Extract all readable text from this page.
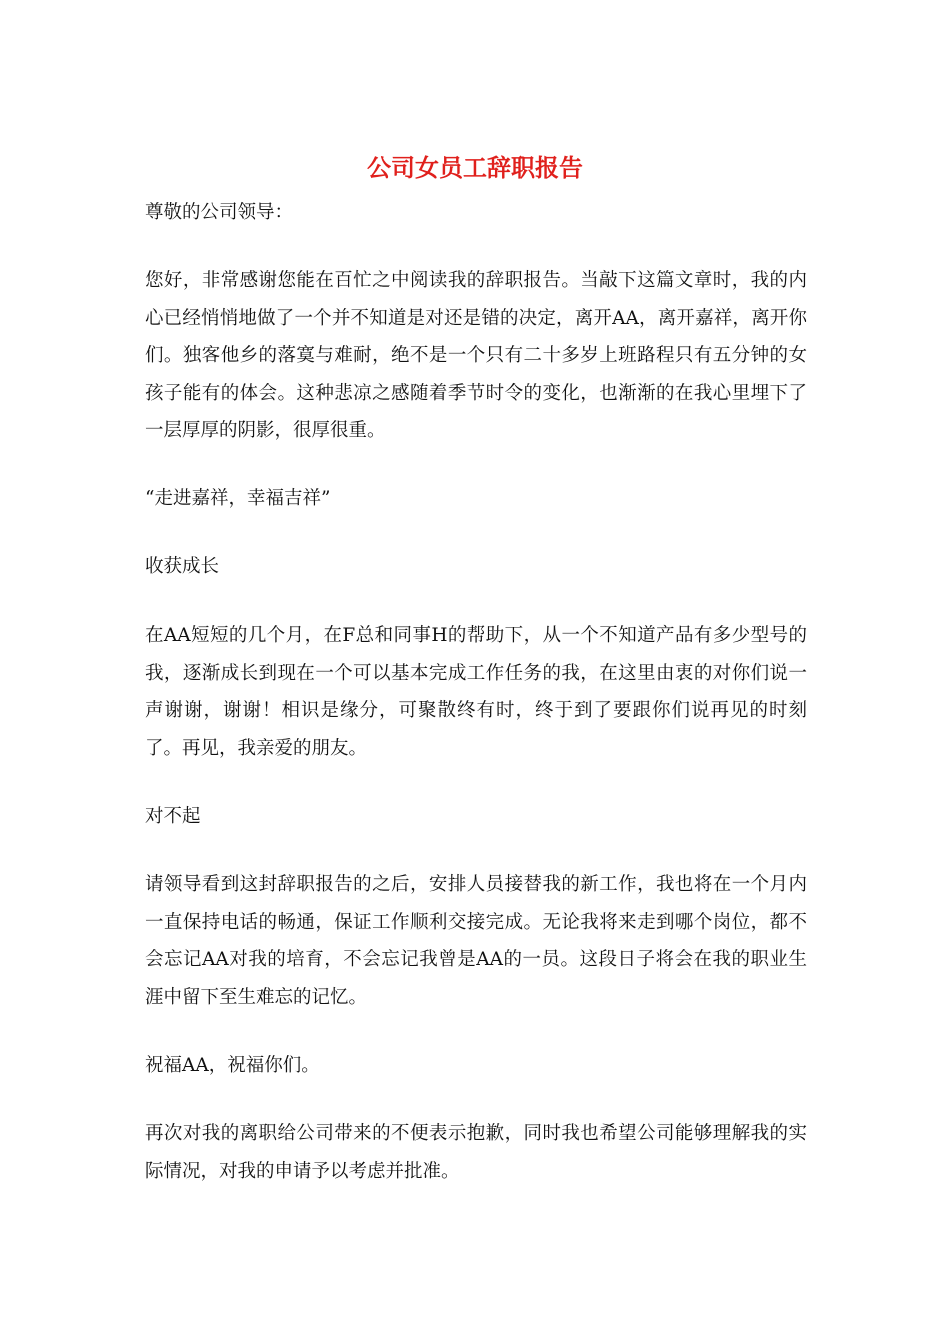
公司女员工辞职报告

尊敬的公司领导：

您好，非常感谢您能在百忙之中阅读我的辞职报告。当敲下这篇文章时，我的内心已经悄悄地做了一个并不知道是对还是错的决定，离开AA，离开嘉祥，离开你们。独客他乡的落寞与难耐，绝不是一个只有二十多岁上班路程只有五分钟的女孩子能有的体会。这种悲凉之感随着季节时令的变化，也渐渐的在我心里埋下了一层厚厚的阴影，很厚很重。

“走进嘉祥，幸福吉祥”

收获成长

在AA短短的几个月，在F总和同事H的帮助下，从一个不知道产品有多少型号的我，逐渐成长到现在一个可以基本完成工作任务的我，在这里由衷的对你们说一声谢谢，谢谢！相识是缘分，可聚散终有时，终于到了要跟你们说再见的时刻了。再见，我亲爱的朋友。

对不起

请领导看到这封辞职报告的之后，安排人员接替我的新工作，我也将在一个月内一直保持电话的畅通，保证工作顺利交接完成。无论我将来走到哪个岗位，都不会忘记AA对我的培育，不会忘记我曾是AA的一员。这段日子将会在我的职业生涯中留下至生难忘的记忆。

祝福AA，祝福你们。

再次对我的离职给公司带来的不便表示抱歉，同时我也希望公司能够理解我的实际情况，对我的申请予以考虑并批准。
